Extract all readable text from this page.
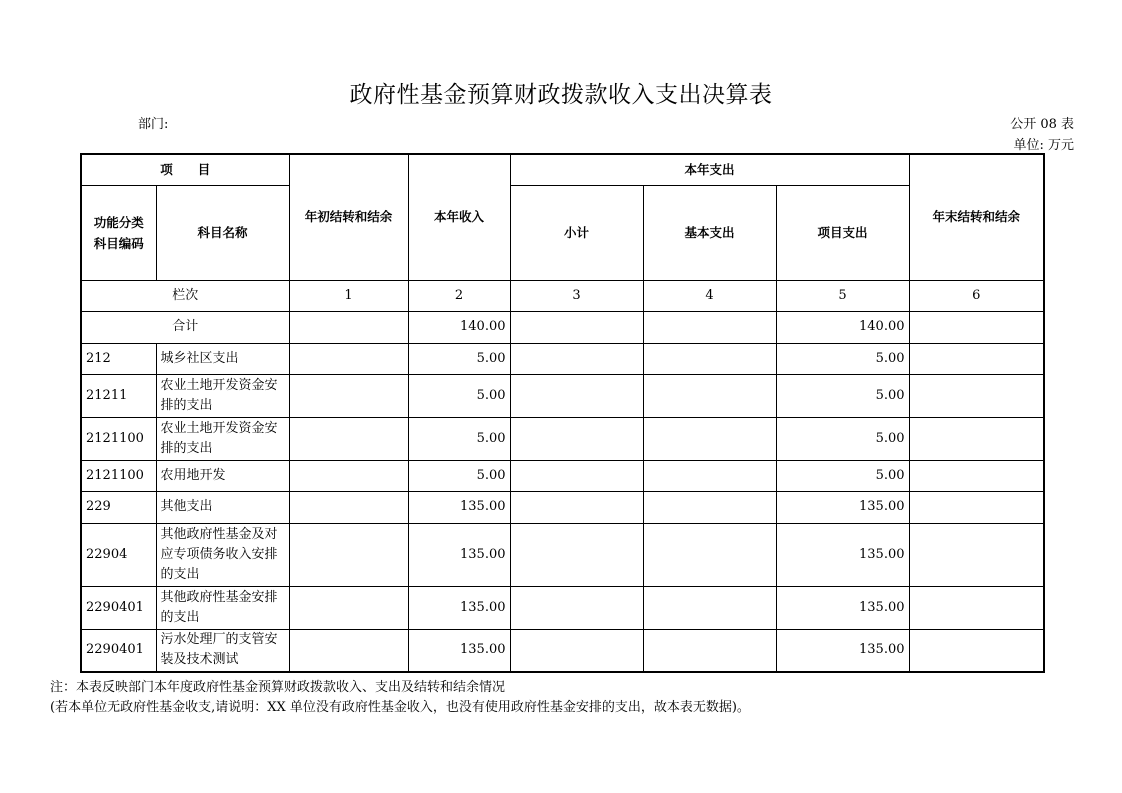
政府性基金预算财政拨款收入支出决算表
部门:	公开 08 表
单位: 万元
项　　目		年初结转和结余	本年收入	本年支出			年末结转和结余
功能分类科目编码	科目名称			小计	基本支出	项目支出	
栏次		1	2	3	4	5	6
合计			140.00			140.00	
212	城乡社区支出		5.00			5.00	
21211	农业土地开发资金安排的支出		5.00			5.00	
2121100	农业土地开发资金安排的支出		5.00			5.00	
2121100	农用地开发		5.00			5.00	
229	其他支出		135.00			135.00	
22904	其他政府性基金及对应专项债务收入安排的支出		135.00			135.00	
2290401	其他政府性基金安排的支出		135.00			135.00	
2290401	污水处理厂的支管安装及技术测试		135.00			135.00	
注：本表反映部门本年度政府性基金预算财政拨款收入、支出及结转和结余情况
(若本单位无政府性基金收支,请说明：XX 单位没有政府性基金收入，也没有使用政府性基金安排的支出，故本表无数据)。
